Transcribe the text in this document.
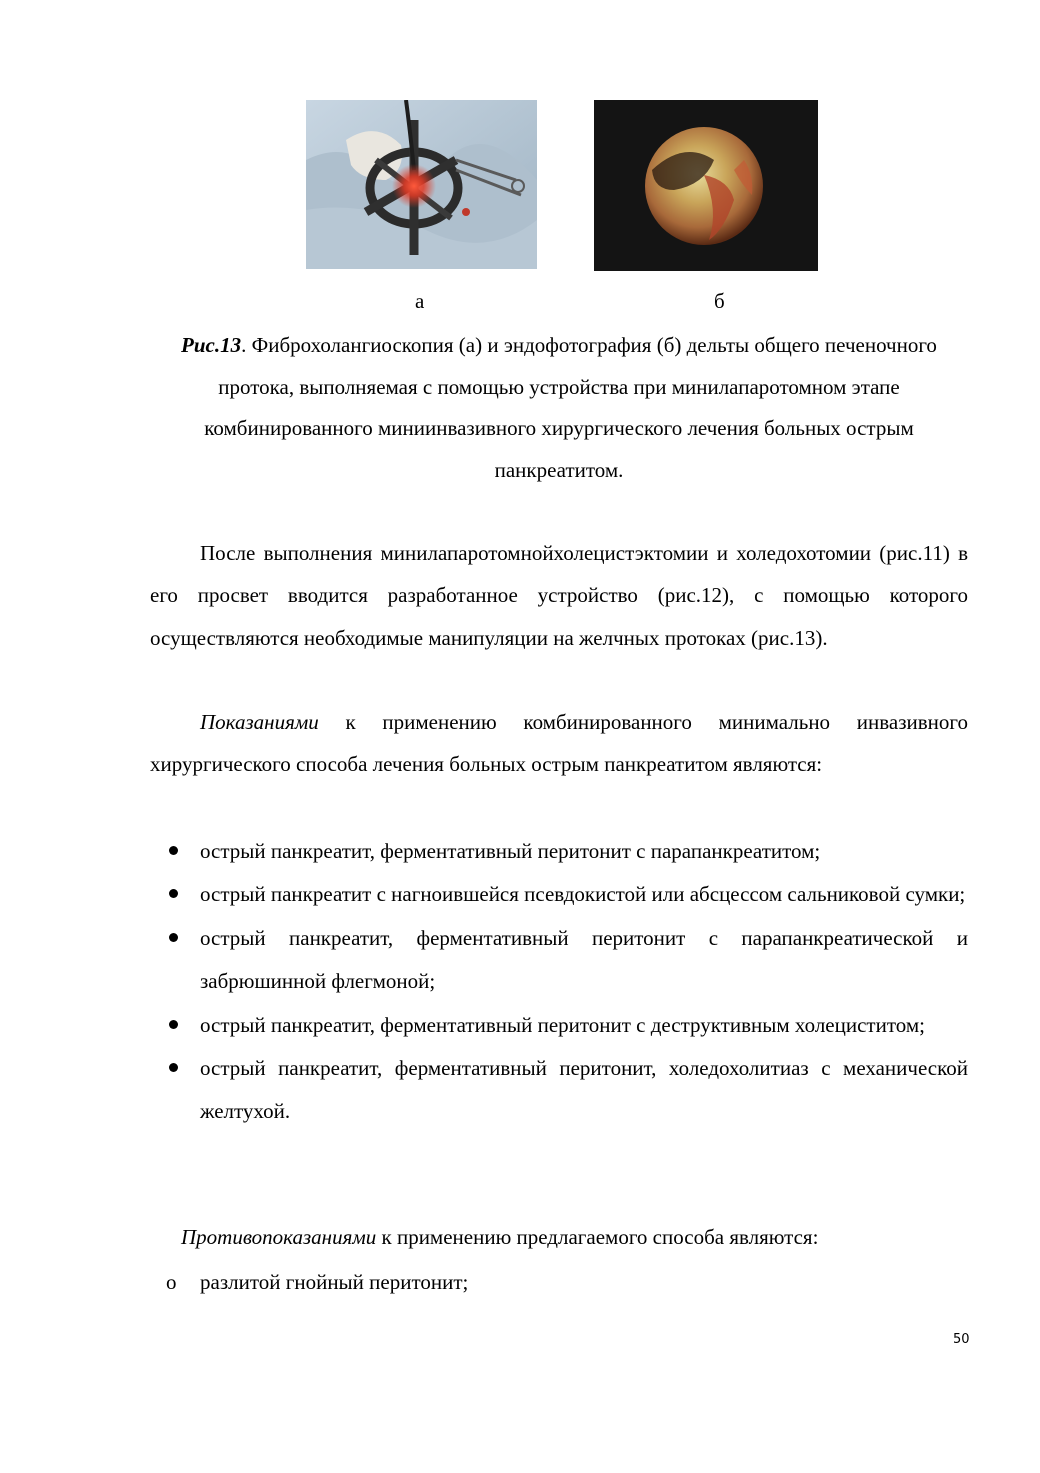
а	б
Рис.13. Фиброхолангиоскопия (а) и эндофотография (б) дельты общего печеночного протока, выполняемая с помощью устройства при минилапаротомном этапе комбинированного миниинвазивного хирургического лечения больных острым панкреатитом.

После выполнения минилапаротомнойхолецистэктомии и холедохотомии (рис.11) в его просвет вводится разработанное устройство (рис.12), с помощью которого осуществляются необходимые манипуляции на желчных протоках (рис.13).

Показаниями к применению комбинированного минимально инвазивного хирургического способа лечения больных острым панкреатитом являются:

острый панкреатит, ферментативный перитонит с парапанкреатитом;
острый панкреатит с нагноившейся псевдокистой или абсцессом сальниковой сумки;
острый панкреатит, ферментативный перитонит с парапанкреатической и забрюшинной флегмоной;
острый панкреатит, ферментативный перитонит с деструктивным холециститом;
острый панкреатит, ферментативный перитонит, холедохолитиаз с механической желтухой.

Противопоказаниями к применению предлагаемого способа являются:

o разлитой гнойный перитонит;
50
